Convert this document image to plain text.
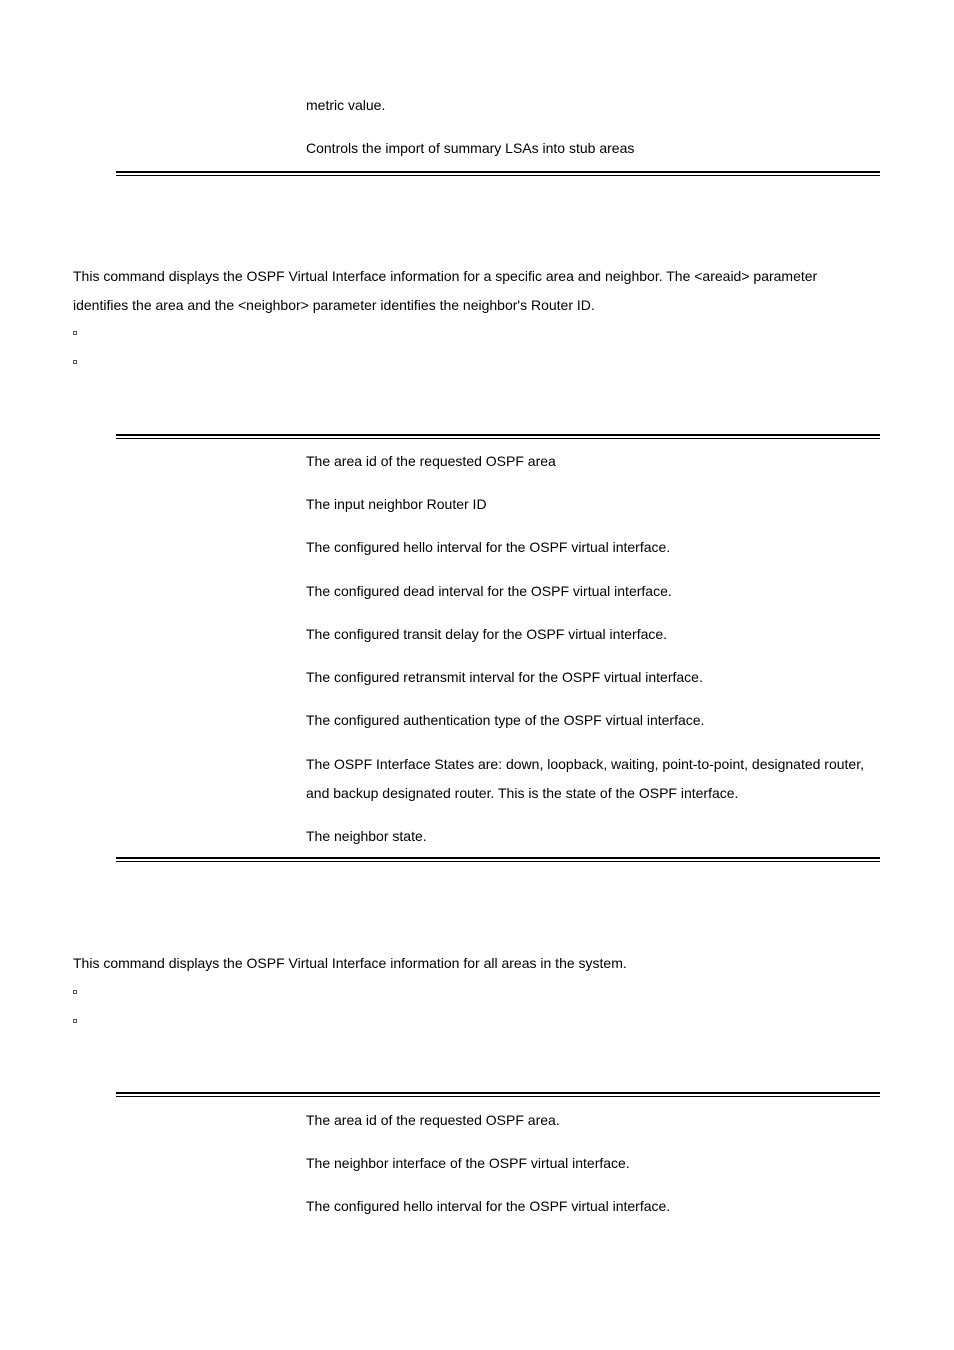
metric value.
Controls the import of summary LSAs into stub areas
This command displays the OSPF Virtual Interface information for a specific area and neighbor. The <areaid> parameter
identifies the area and the <neighbor> parameter identifies the neighbor's Router ID.
The area id of the requested OSPF area
The input neighbor Router ID
The configured hello interval for the OSPF virtual interface.
The configured dead interval for the OSPF virtual interface.
The configured transit delay for the OSPF virtual interface.
The configured retransmit interval for the OSPF virtual interface.
The configured authentication type of the OSPF virtual interface.
The OSPF Interface States are: down, loopback, waiting, point-to-point, designated router,
and backup designated router. This is the state of the OSPF interface.
The neighbor state.
This command displays the OSPF Virtual Interface information for all areas in the system.
The area id of the requested OSPF area.
The neighbor interface of the OSPF virtual interface.
The configured hello interval for the OSPF virtual interface.
